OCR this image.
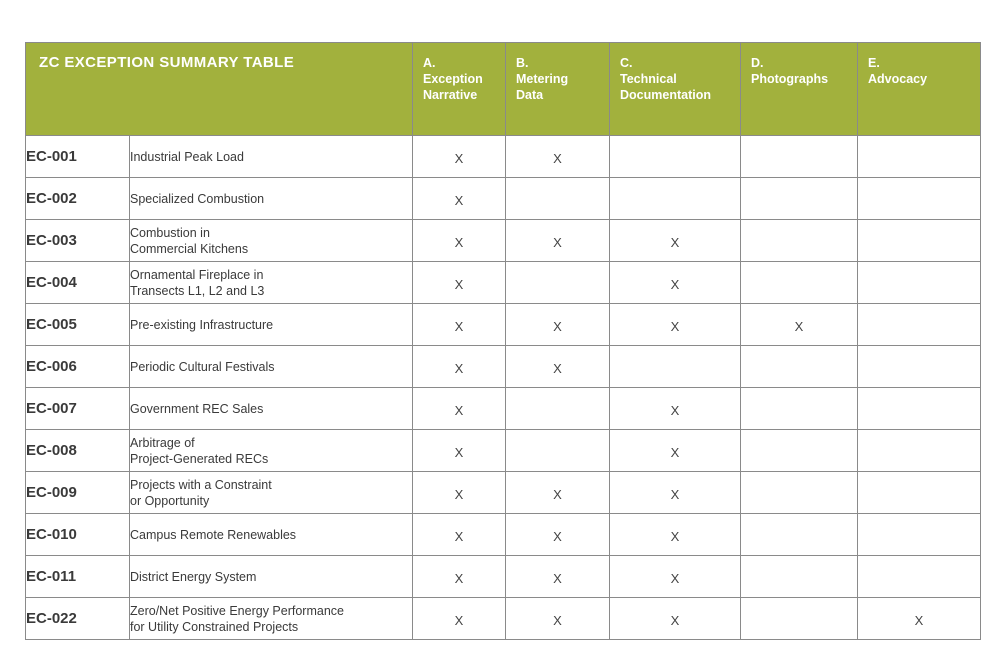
ZC EXCEPTION SUMMARY TABLE		A.
Exception
Narrative	B.
Metering
Data	C.
Technical
Documentation	D.
Photographs	E.
Advocacy

EC-001	Industrial Peak Load	X	X			
EC-002	Specialized Combustion	X				
EC-003	Combustion in
Commercial Kitchens	X	X	X		
EC-004	Ornamental Fireplace in
Transects L1, L2 and L3	X		X		
EC-005	Pre-existing Infrastructure	X	X	X	X	
EC-006	Periodic Cultural Festivals	X	X			
EC-007	Government REC Sales	X		X		
EC-008	Arbitrage of
Project-Generated RECs	X		X		
EC-009	Projects with a Constraint
or Opportunity	X	X	X		
EC-010	Campus Remote Renewables	X	X	X		
EC-011	District Energy System	X	X	X		
EC-022	Zero/Net Positive Energy Performance
for Utility Constrained Projects	X	X	X		X
